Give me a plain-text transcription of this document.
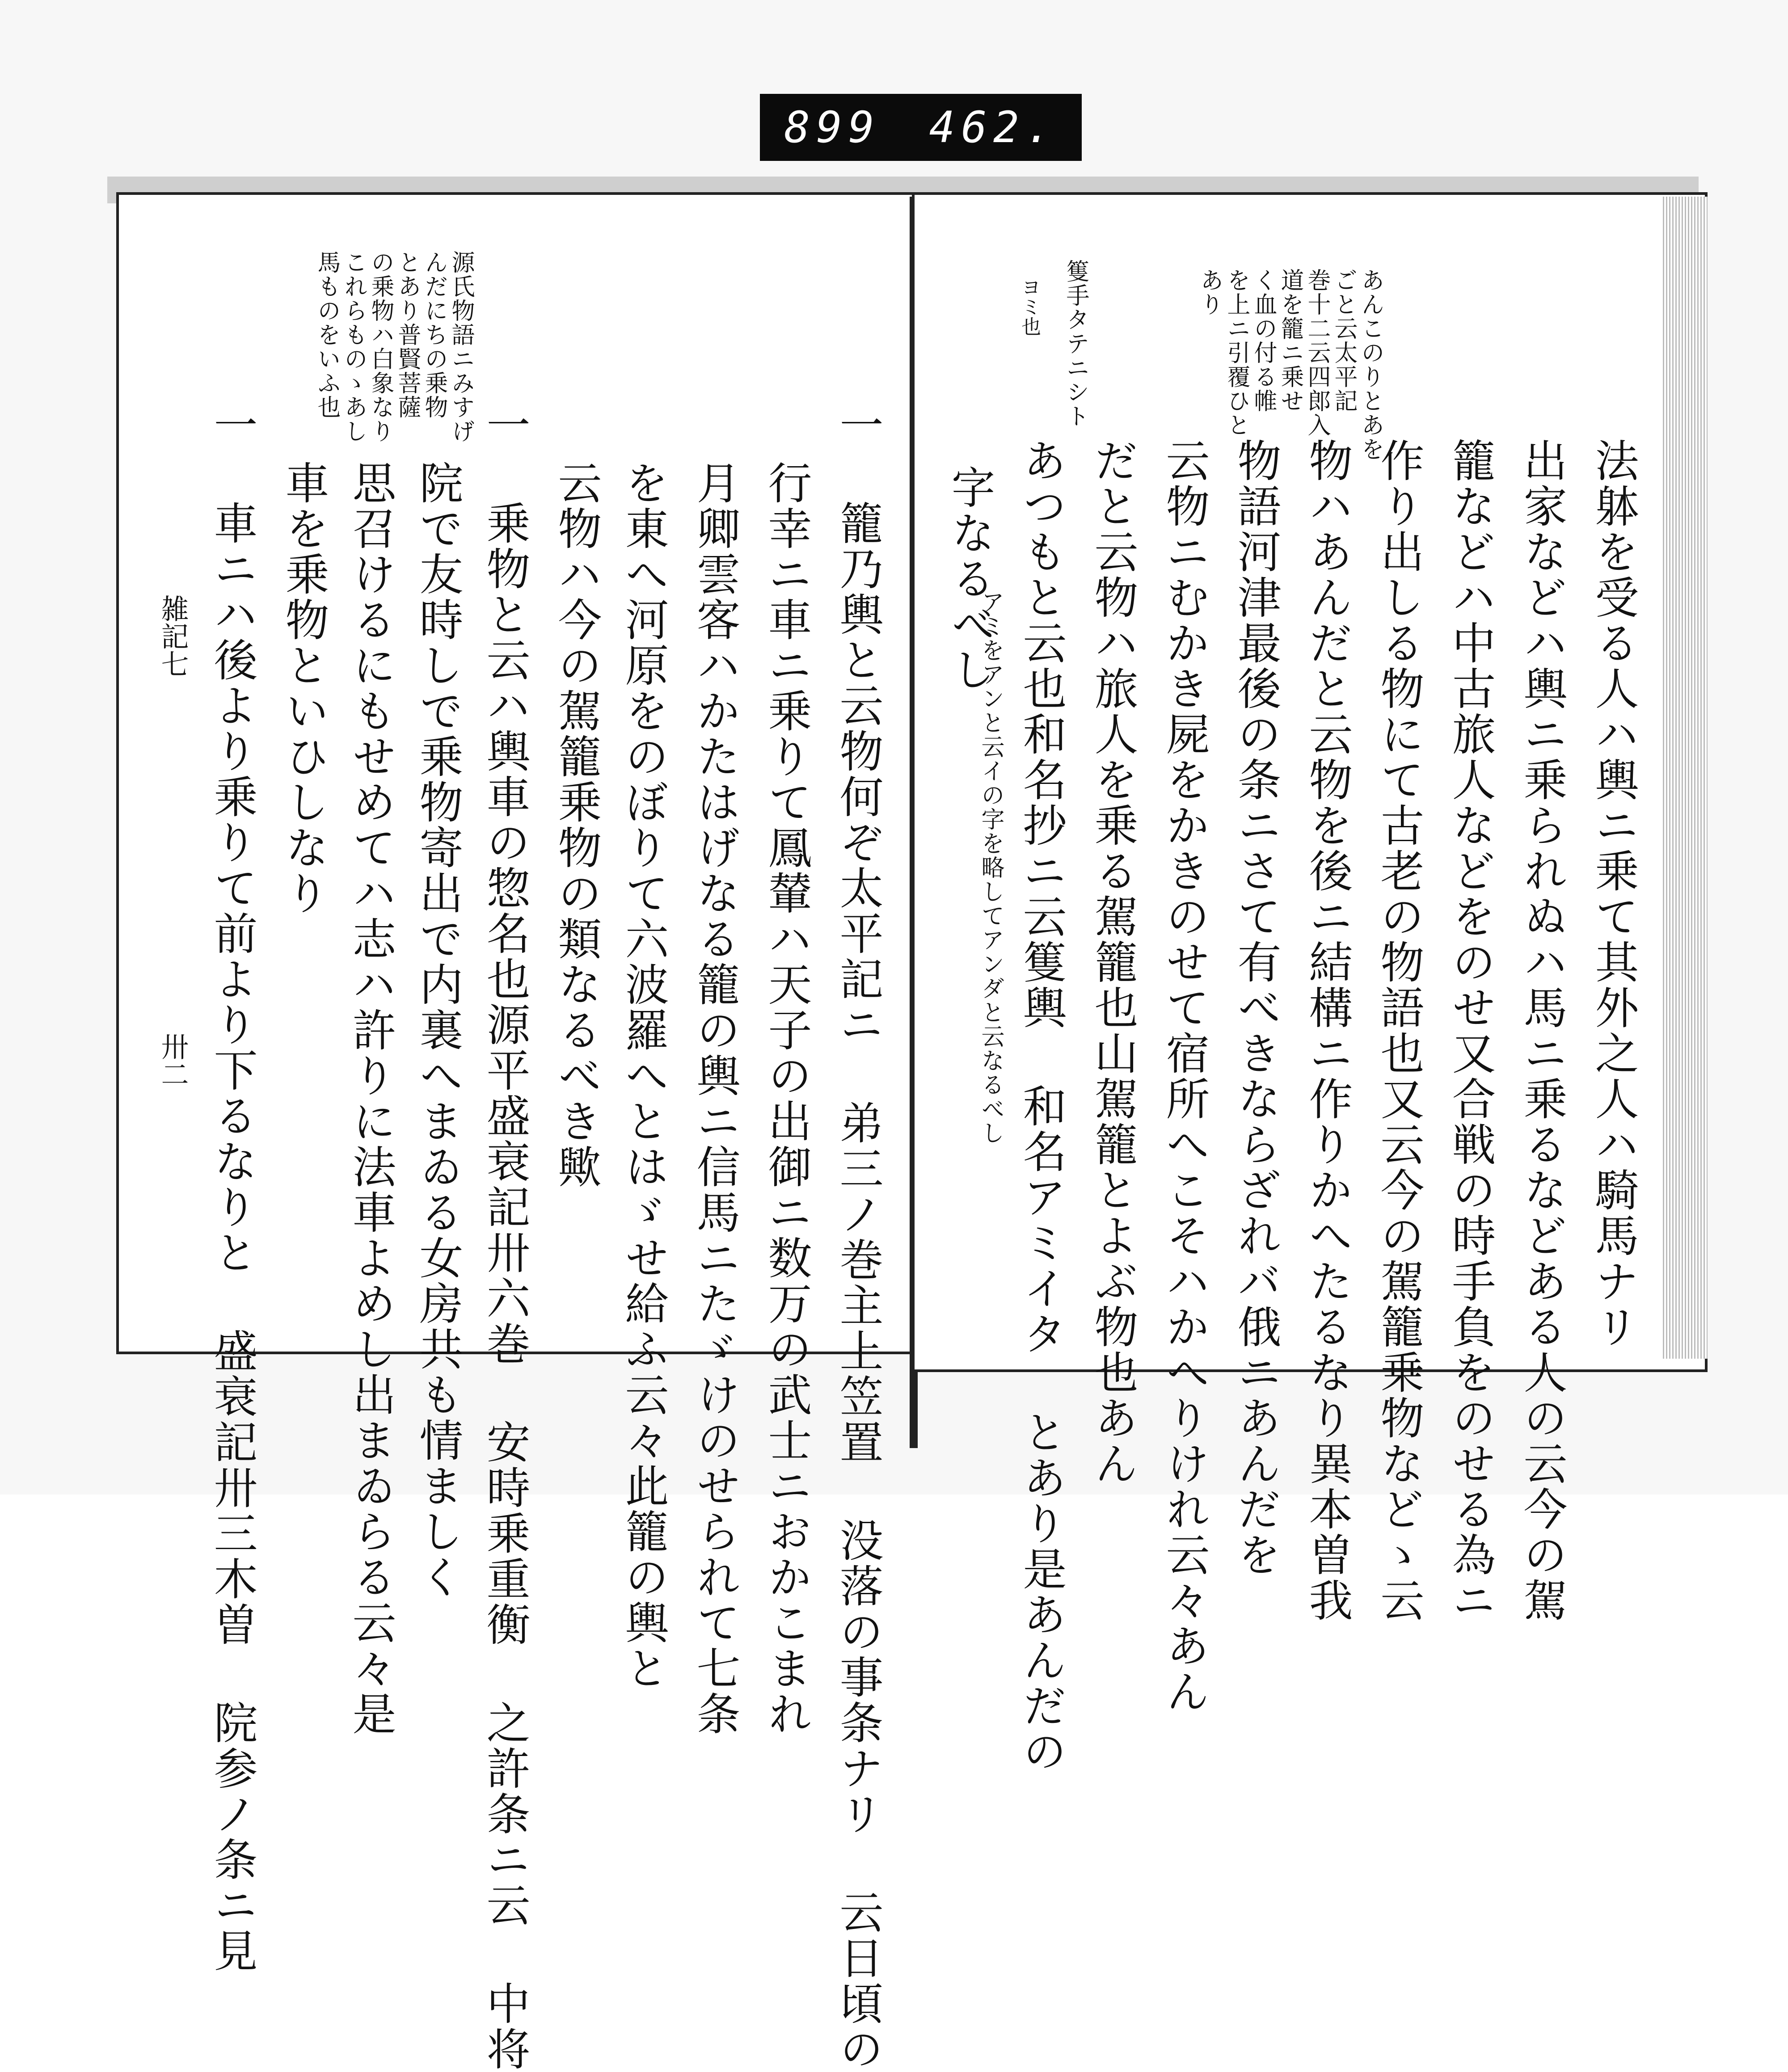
899 462.
源氏物語ニみすげ
んだにちの乗物
とあり普賢菩薩
の乗物ハ白象なり
これらものゝあし
馬ものをいふ也
一 籠乃輿と云物何ぞ太平記ニ 弟三ノ巻主上笠置 没落の事条ナリ 云日頃の
行幸ニ車ニ乗りて鳳輦ハ天子の出御ニ数万の武士ニおかこまれ
月卿雲客ハかたはげなる籠の輿ニ信馬ニたゞけのせられて七条
を東へ河原をのぼりて六波羅へとはゞせ給ふ云々此籠の輿と
云物ハ今の駕籠乗物の類なるべき歟
一 乗物と云ハ輿車の惣名也源平盛衰記卅六巻 安時乗重衡 之許条ニ云 中将
院で友時しで乗物寄出で内裏へまゐる女房共も情ましく
思召けるにもせめてハ志ハ許りに法車よめし出まゐらる云々是
車を乗物といひしなり
一 車ニハ後より乗りて前より下るなりと 盛衰記卅三木曽 院参ノ条ニ見
雑記七
卅二
あんこのりとあを
ごと云太平記
巻十二云四郎入
道を籠ニ乗せ
く血の付る帷
を上ニ引覆ひと
あり
篗手タテニシト
ヨミ也
法躰を受る人ハ輿ニ乗て其外之人ハ騎馬ナリ
出家などハ輿ニ乗られぬハ馬ニ乗るなどある人の云今の駕
籠などハ中古旅人などをのせ又合戦の時手負をのせる為ニ
作り出しる物にて古老の物語也又云今の駕籠乗物などゝ云
物ハあんだと云物を後ニ結構ニ作りかへたるなり異本曽我
物語河津最後の条ニさて有べきならざれバ俄ニあんだを
云物ニむかき屍をかきのせて宿所へこそハかへりけれ云々あん
だと云物ハ旅人を乗る駕籠也山駕籠とよぶ物也あん
あつもと云也和名抄ニ云篗輿 和名アミイタ とあり是あんだの
字なるべし
アミをアンと云イの字を略してアンダと云なるべし
